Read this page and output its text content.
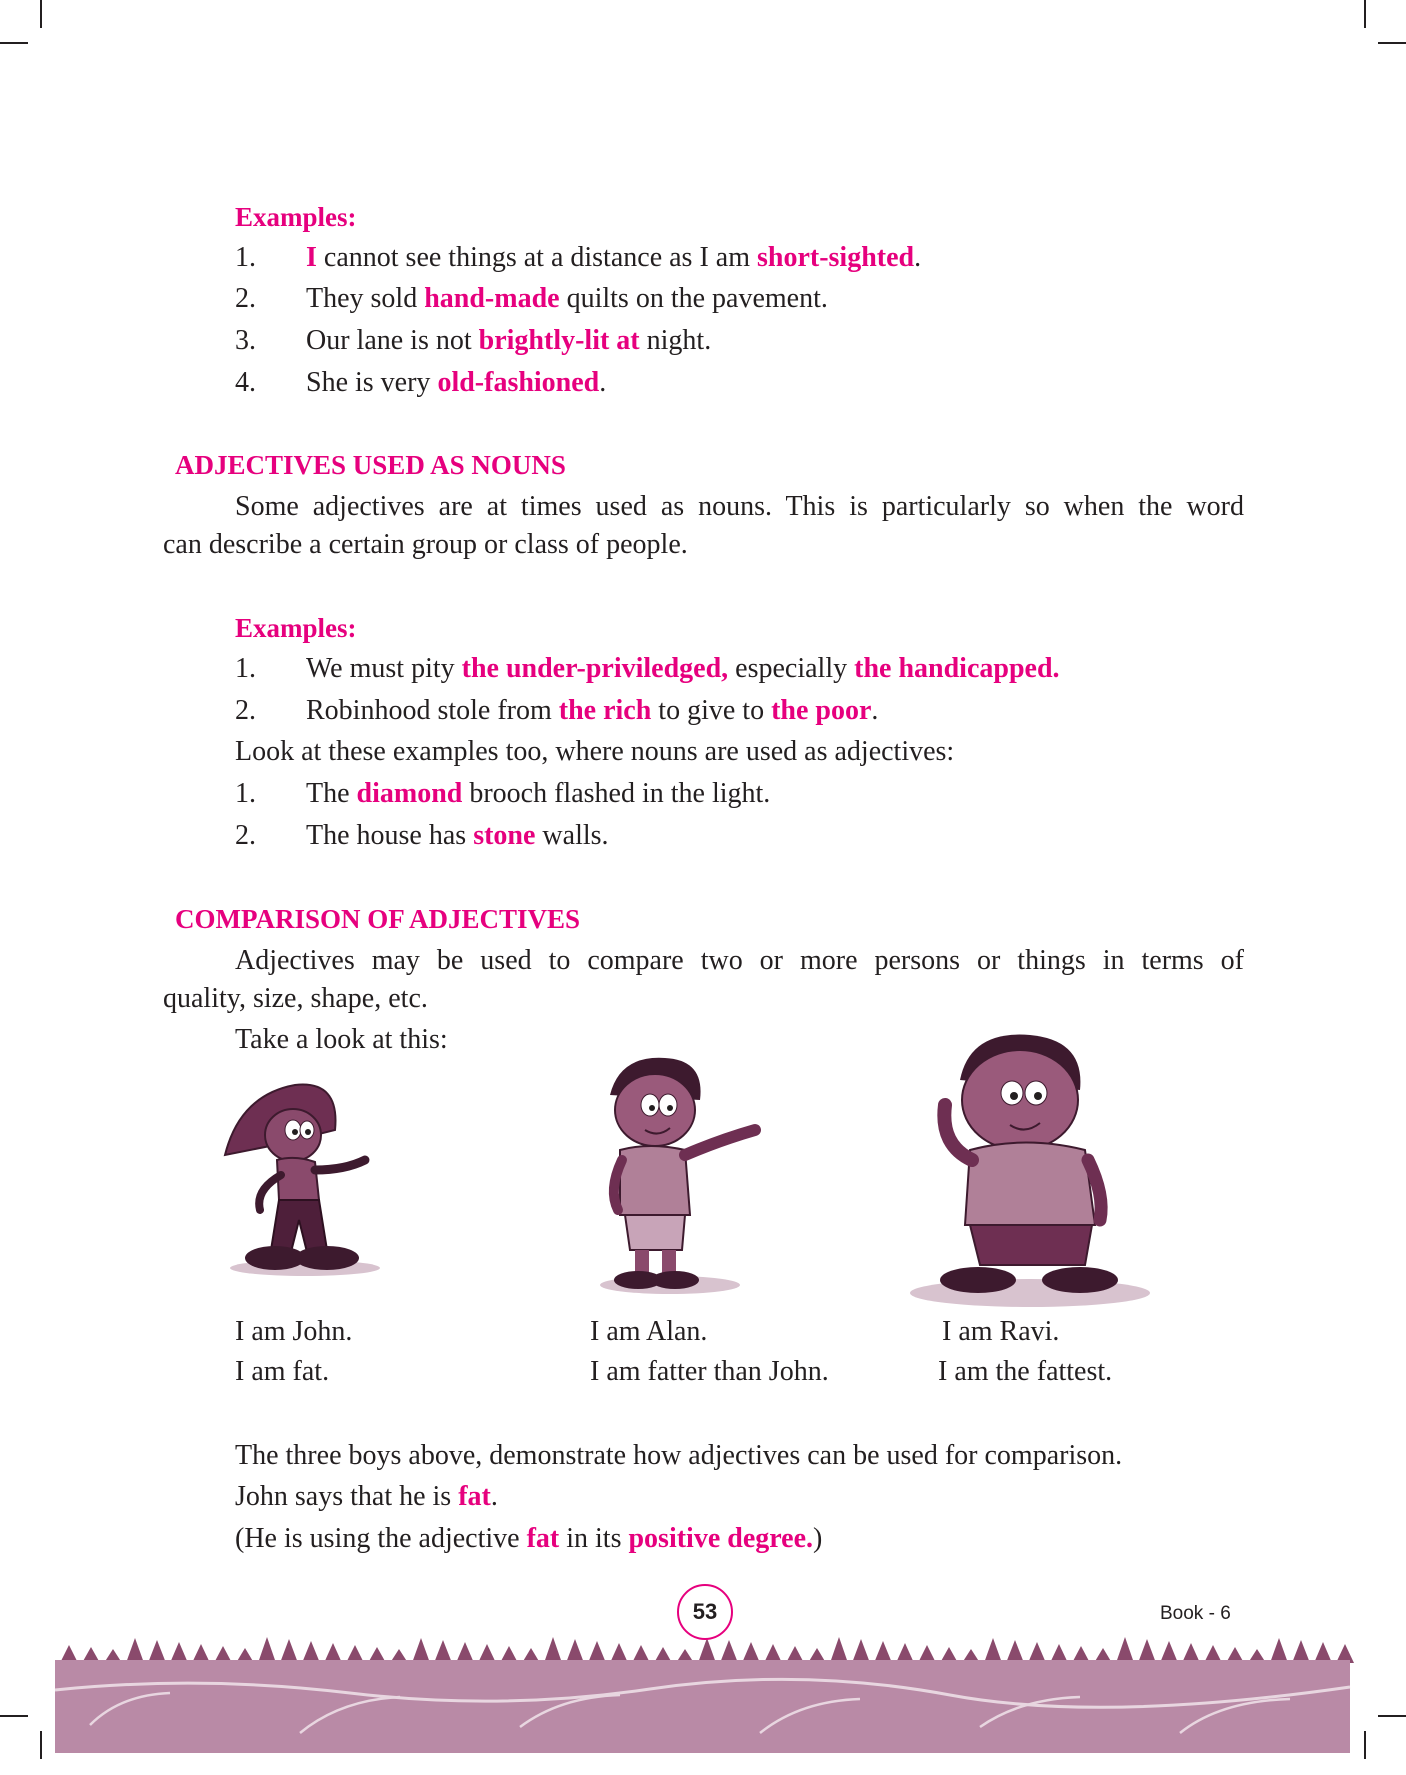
Examples:
1. I cannot see things at a distance as I am short-sighted.
2. They sold hand-made quilts on the pavement.
3. Our lane is not brightly-lit at night.
4. She is very old-fashioned.
ADJECTIVES USED AS NOUNS
Some adjectives are at times used as nouns. This is particularly so when the word
can describe a certain group or class of people.
Examples:
1. We must pity the under-priviledged, especially the handicapped.
2. Robinhood stole from the rich to give to the poor.
Look at these examples too, where nouns are used as adjectives:
1. The diamond brooch flashed in the light.
2. The house has stone walls.
COMPARISON OF ADJECTIVES
Adjectives may be used to compare two or more persons or things in terms of
quality, size, shape, etc.
Take a look at this:
I am John.
I am fat.
I am Alan.
I am fatter than John.
I am Ravi.
I am the fattest.
The three boys above, demonstrate how adjectives can be used for comparison.
John says that he is fat.
(He is using the adjective fat in its positive degree.)
53	Book - 6
